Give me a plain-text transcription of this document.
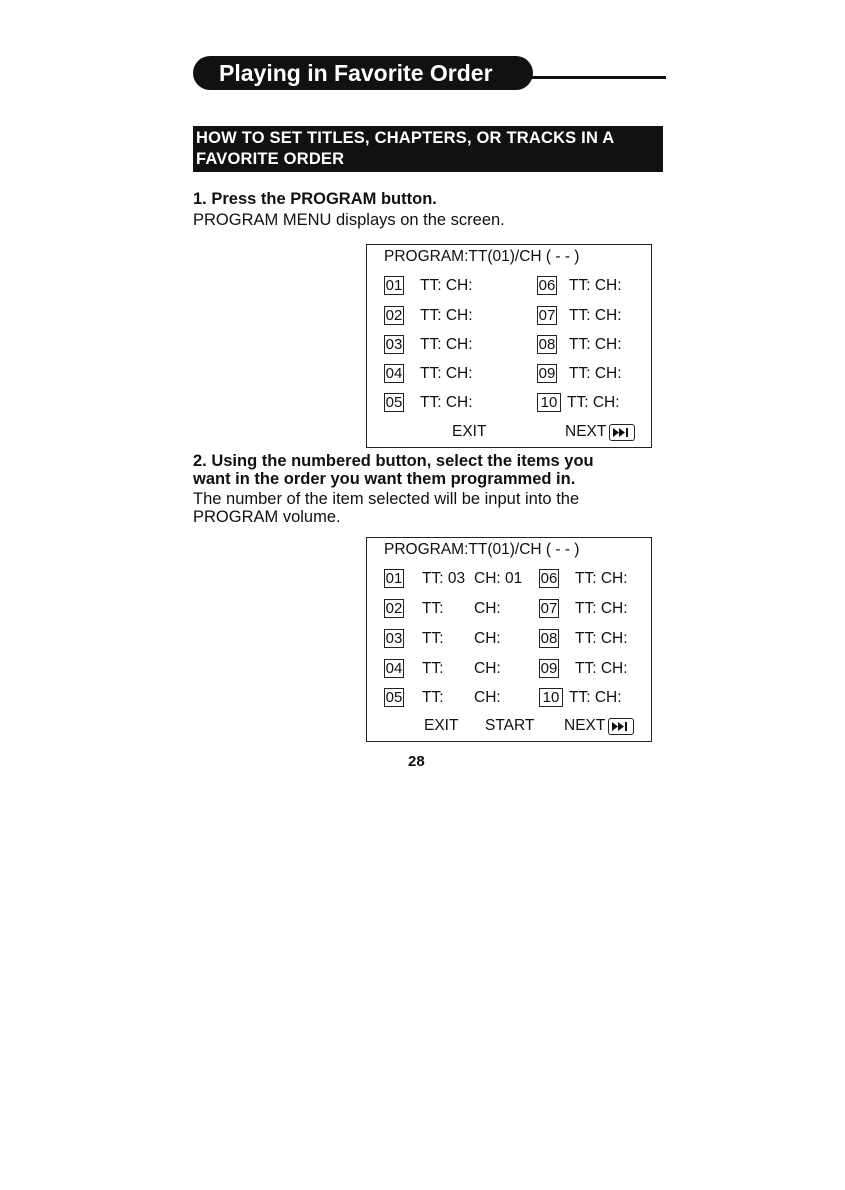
Playing in Favorite Order
HOW TO SET TITLES, CHAPTERS, OR TRACKS IN A
FAVORITE ORDER
1. Press the PROGRAM button.
PROGRAM MENU displays on the screen.
PROGRAM:TT(01)/CH ( - - )
01 TT: CH:
02 TT: CH:
03 TT: CH:
04 TT: CH:
05 TT: CH:
06 TT: CH:
07 TT: CH:
08 TT: CH:
09 TT: CH:
10 TT: CH:
EXIT	NEXT
2. Using the numbered button, select the items you
want in the order you want them programmed in.
The number of the item selected will be input into the
PROGRAM volume.
PROGRAM:TT(01)/CH ( - - )
01 TT: 03 CH: 01
02 TT: CH:
03 TT: CH:
04 TT: CH:
05 TT: CH:
06 TT: CH:
07 TT: CH:
08 TT: CH:
09 TT: CH:
10 TT: CH:
EXIT START NEXT
28
